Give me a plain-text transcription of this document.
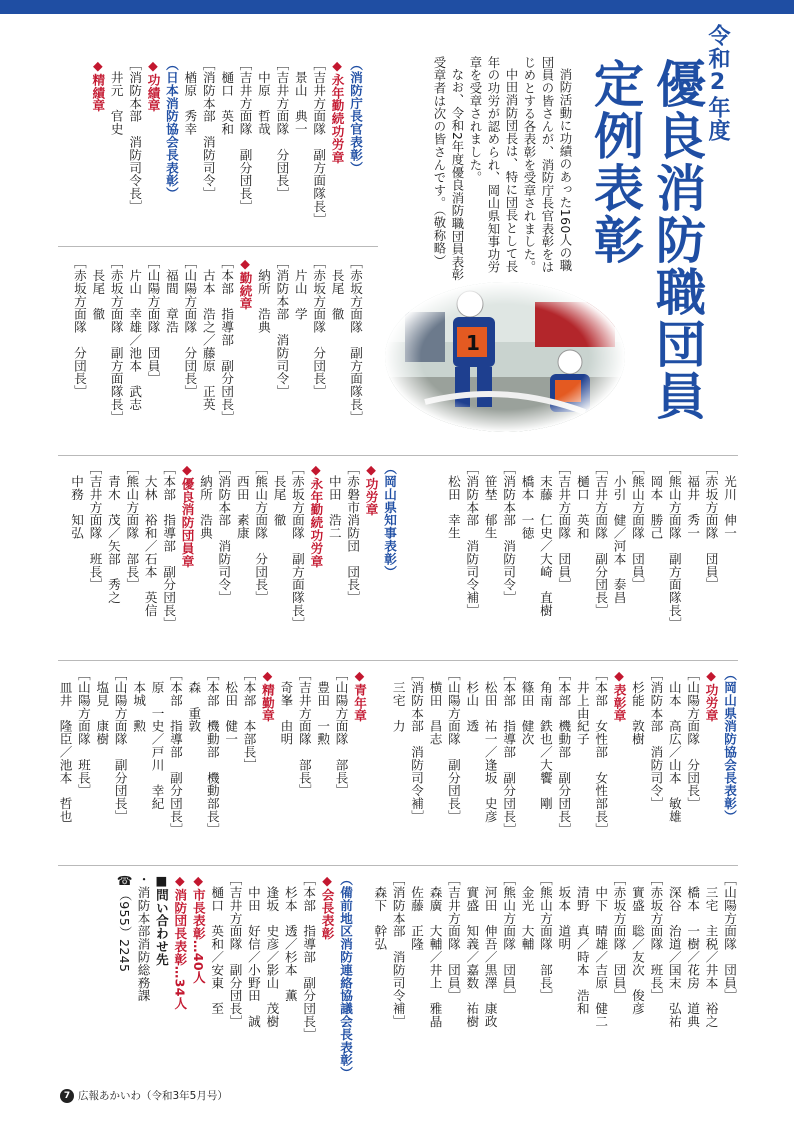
令和2年度
優良消防職団員
定例表彰

消防活動に功績のあった160人の職団員の皆さんが、消防庁長官表彰をはじめとする各表彰を受章されました。

中田消防団長は、特に団長として長年の功労が認められ、岡山県知事功労章を受章されました。

なお、令和2年度優良消防職団員表彰受章者は次の皆さんです。（敬称略）

（消防庁長官表彰）
◆永年勤続功労章
［吉井方面隊　副方面隊長］
　景山　典一
［吉井方面隊　分団長］
　中原　哲哉
［吉井方面隊　副分団長］
　樋口　英和
［消防本部　消防司令］
　楢原　秀幸
（日本消防協会長表彰）
◆功績章
［消防本部　消防司令長］
　井元　官史
◆精績章
［赤坂方面隊　副方面隊長］
　長尾　徹
［赤坂方面隊　分団長］
　片山　学
［消防本部　消防司令］
　納所　浩典
◆勤続章
［本部　指導部　副分団長］
　古本　浩之／藤原　正英
［山陽方面隊　分団長］
　福間　章浩
［山陽方面隊　団員］
　片山　幸雄／池本　武志
［赤坂方面隊　副方面隊長］
　長尾　徹
［赤坂方面隊　分団長］
　光川　伸一
［赤坂方面隊　団員］
　福井　秀一
［熊山方面隊　副方面隊長］
　岡本　勝己
［熊山方面隊　団員］
　小引　健／河本　泰昌
［吉井方面隊　副分団長］
　樋口　英和
［吉井方面隊　団員］
　末藤　仁史／大崎　直樹
　橋本　一徳
［消防本部　消防司令］
　笹埜　郁生
［消防本部　消防司令補］
　松田　幸生
（岡山県知事表彰）
◆功労章
［赤磐市消防団　団長］
　中田　浩二
◆永年勤続功労章
［赤坂方面隊　副方面隊長］
　長尾　徹
［熊山方面隊　分団長］
　西田　素康
［消防本部　消防司令］
　納所　浩典
◆優良消防団員章
［本部　指導部　副分団長］
　大林　裕和／石本　英信
［熊山方面隊　部長］
　青木　茂／矢部　秀之
［吉井方面隊　班長］
　中務　知弘
（岡山県消防協会長表彰）
◆功労章
［山陽方面隊　分団長］
　山本　高広／山本　敏雄
［消防本部　消防司令］
　杉能　敦樹
◆表彰章
［本部　女性部　女性部長］
　井上由紀子
［本部　機動部　副分団長］
　角南　鉄也／大饗　剛
　篠田　健次
［本部　指導部　副分団長］
　松田　祐一／逢坂　史彦
　杉山　透
［山陽方面隊　副分団長］
　横田　昌志
［消防本部　消防司令補］
　三宅　力
◆青年章
［山陽方面隊　部長］
　豊田　一勲
［吉井方面隊　部長］
　奇峯　由明
◆精勤章
［本部　本部長］
　松田　健一
［本部　機動部　機動部長］
　森　重敦
［本部　指導部　副分団長］
　原　一史／戸川　幸紀
　本城　勲
［山陽方面隊　副分団長］
　塩見　康樹
［山陽方面隊　班長］
　皿井　隆臣／池本　哲也
［山陽方面隊　団員］
　三宅　主税／井本　裕之
　橋本　一樹／花房　道典
　深谷　治道／国末　弘祐
［赤坂方面隊　班長］
　實盛　聡／友次　俊彦
［赤坂方面隊　団員］
　中下　晴雄／吉原　健二
　清野　真／時本　浩和
　坂本　道明
［熊山方面隊　部長］
　金光　大輔
［熊山方面隊　団員］
　河田　伸吾／黒澤　康政
　實盛　知義／嘉数　祐樹
［吉井方面隊　団員］
　森廣　大輔／井上　雅晶
　佐藤　正隆
［消防本部　消防司令補］
　森下　幹弘
（備前地区消防連絡協議会長表彰）
◆会長表彰
［本部　指導部　副分団長］
　杉本　透／杉本　薫
　逢坂　史彦／影山　茂樹
　中田　好信／小野田　誠
［吉井方面隊　副分団長］
　樋口　英和／安東　至
◆市長表彰…40人
◆消防団長表彰…34人
■問い合わせ先
・消防本部消防総務課
☎（955）2245
7 広報あかいわ（令和3年5月号）
